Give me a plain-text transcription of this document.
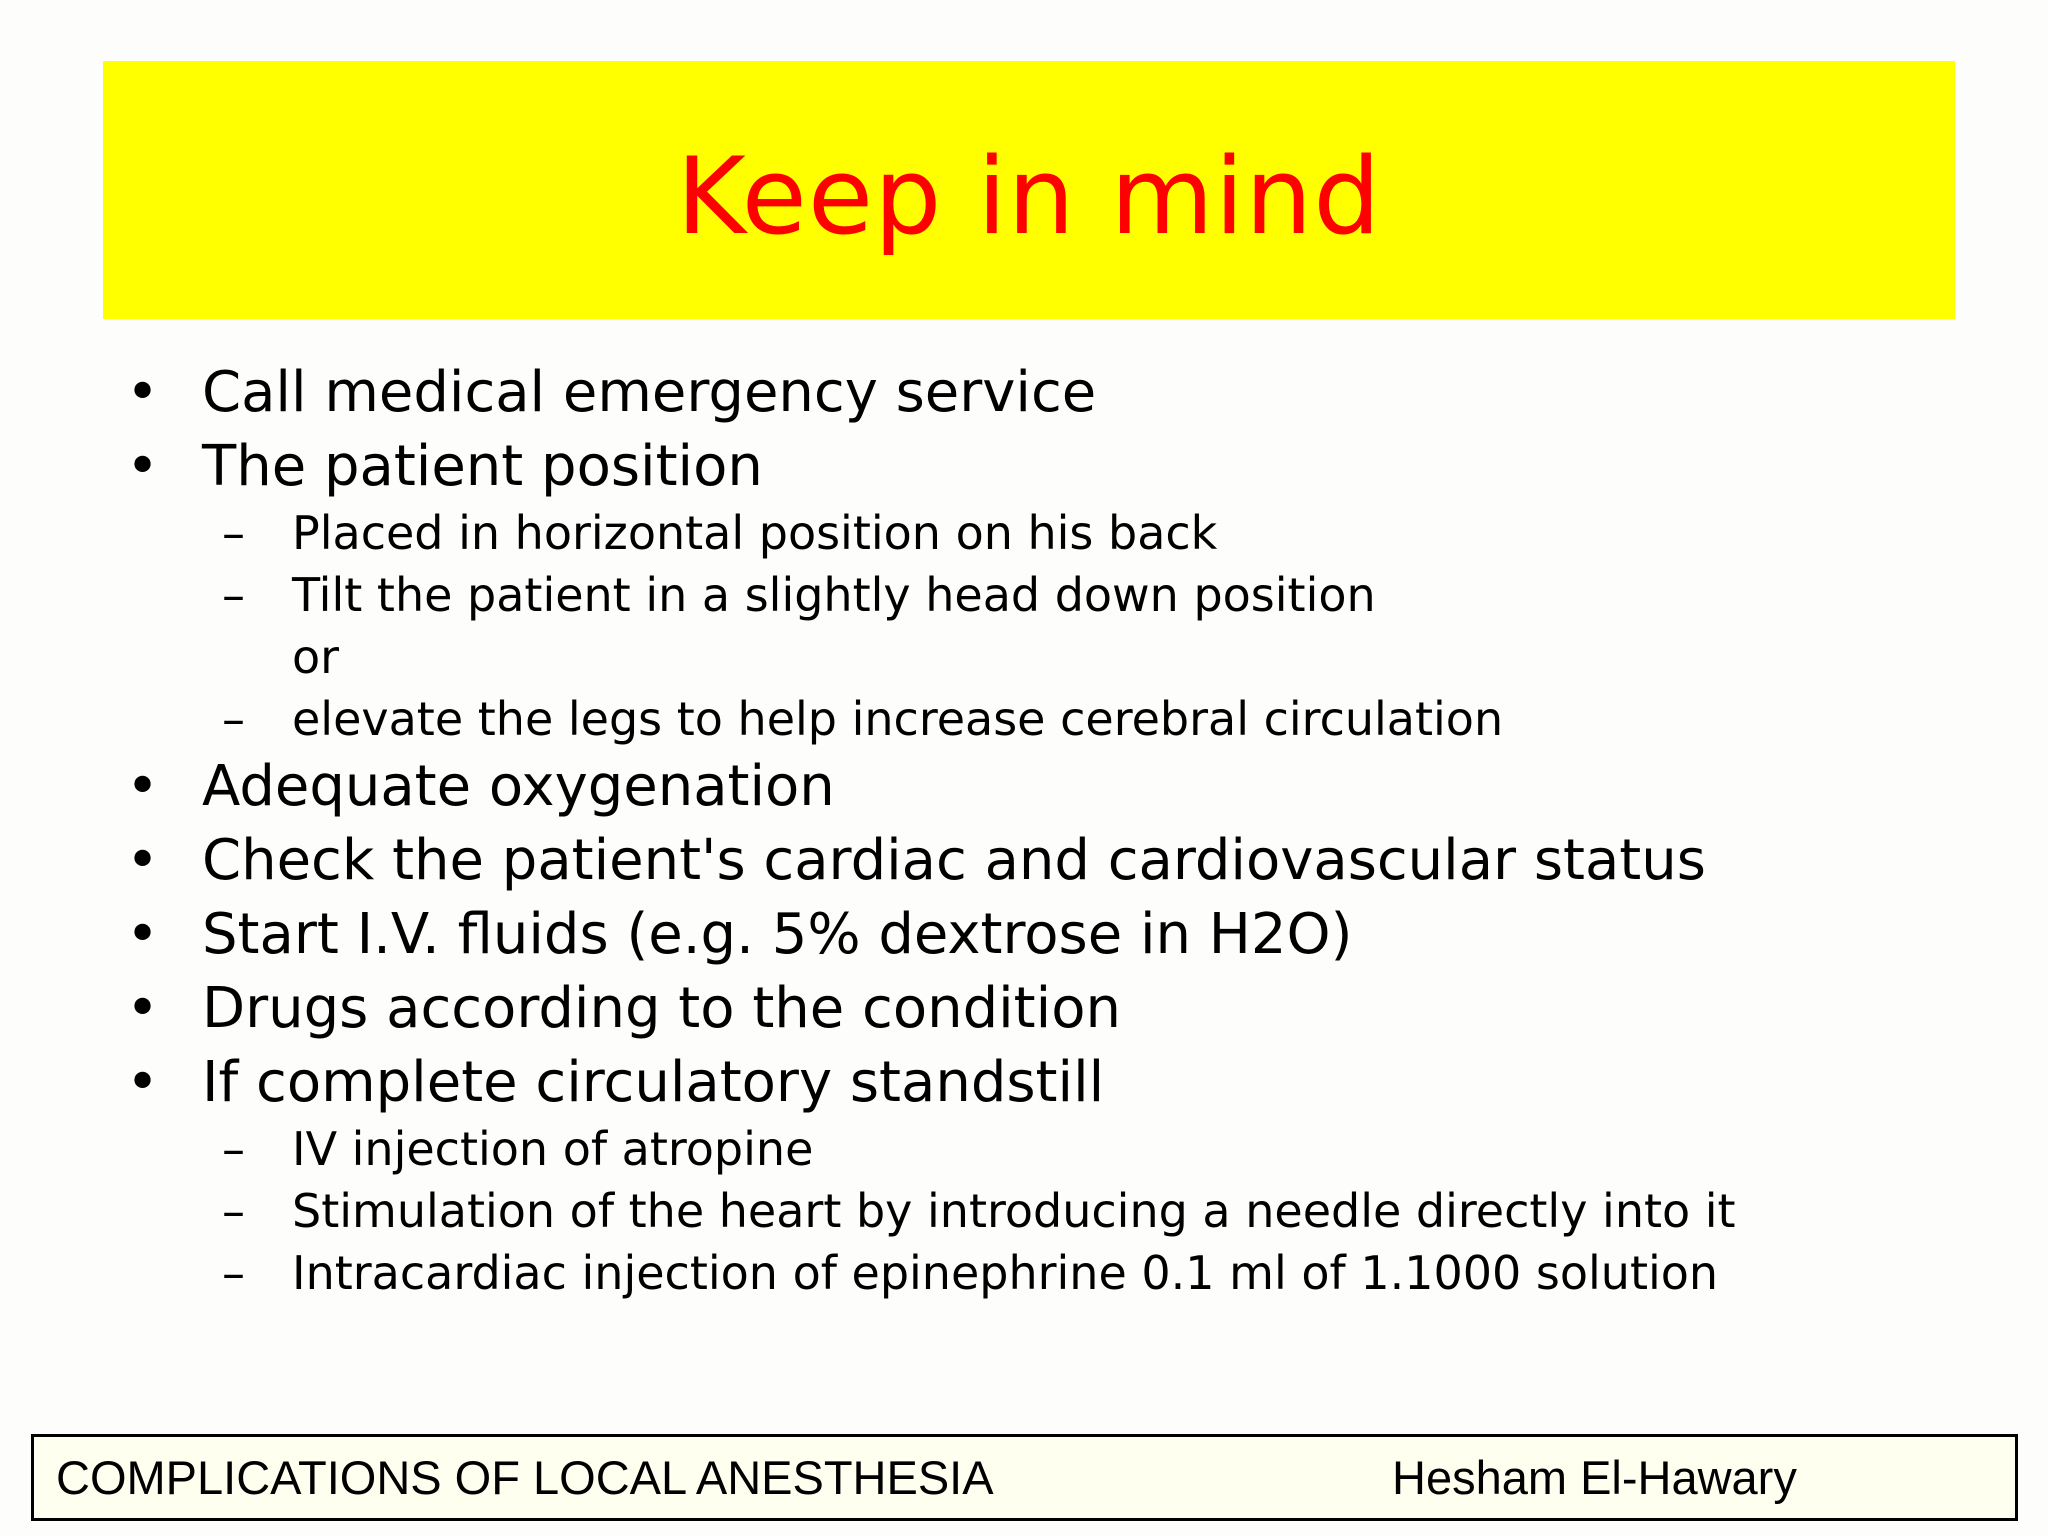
Keep in mind
• Call medical emergency service
• The patient position
– Placed in horizontal position on his back
– Tilt the patient in a slightly head down position
or
– elevate the legs to help increase cerebral circulation
• Adequate oxygenation
• Check the patient's cardiac and cardiovascular status
• Start I.V. fluids (e.g. 5% dextrose in H2O)
• Drugs according to the condition
• If complete circulatory standstill
– IV injection of atropine
– Stimulation of the heart by introducing a needle directly into it
– Intracardiac injection of epinephrine 0.1 ml of 1.1000 solution
COMPLICATIONS OF LOCAL ANESTHESIA	Hesham El-Hawary
